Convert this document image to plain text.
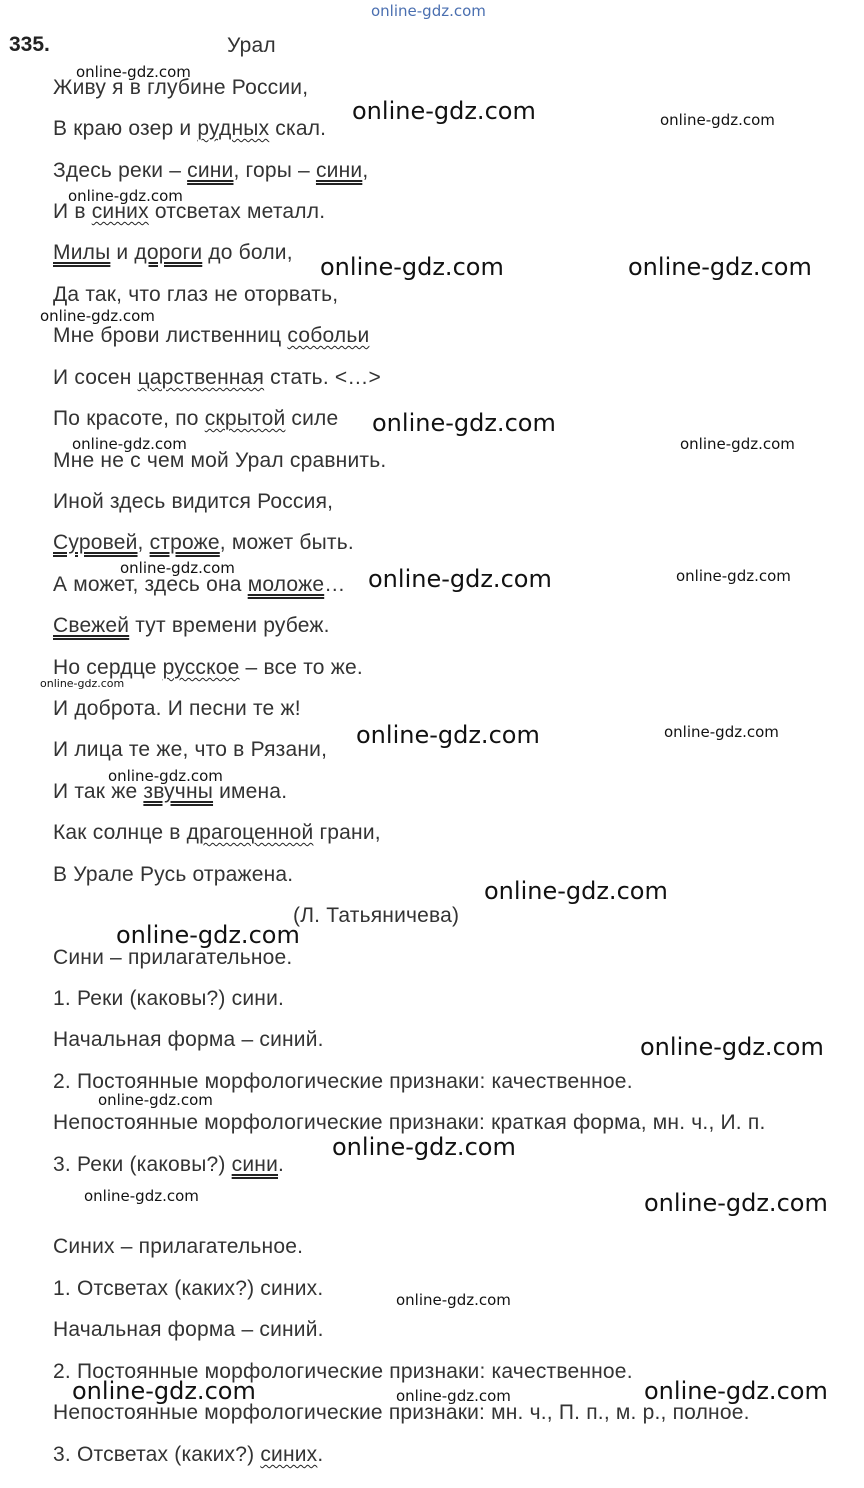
online-gdz.com
335.	Урал
Живу я в глубине России,
В краю озер и рудных скал.
Здесь реки – сини, горы – сини,
И в синих отсветах металл.
Милы и дороги до боли,
Да так, что глаз не оторвать,
Мне брови лиственниц собольи
И сосен царственная стать. <…>
По красоте, по скрытой силе
Мне не с чем мой Урал сравнить.
Иной здесь видится Россия,
Суровей, строже, может быть.
А может, здесь она моложе…
Свежей тут времени рубеж.
Но сердце русское – все то же.
И доброта. И песни те ж!
И лица те же, что в Рязани,
И так же звучны имена.
Как солнце в драгоценной грани,
В Урале Русь отражена.
(Л. Татьяничева)
Сини – прилагательное.
1. Реки (каковы?) сини.
Начальная форма – синий.
2. Постоянные морфологические признаки: качественное.
Непостоянные морфологические признаки: краткая форма, мн. ч., И. п.
3. Реки (каковы?) сини.
Синих – прилагательное.
1. Отсветах (каких?) синих.
Начальная форма – синий.
2. Постоянные морфологические признаки: качественное.
Непостоянные морфологические признаки: мн. ч., П. п., м. р., полное.
3. Отсветах (каких?) синих.
online-gdz.com
online-gdz.com	online-gdz.com
online-gdz.com
online-gdz.com	online-gdz.com
online-gdz.com
online-gdz.com
online-gdz.com	online-gdz.com
online-gdz.com	online-gdz.com	online-gdz.com
online-gdz.com
online-gdz.com	online-gdz.com
online-gdz.com
online-gdz.com
online-gdz.com
online-gdz.com
online-gdz.com
online-gdz.com
online-gdz.com	online-gdz.com
online-gdz.com
online-gdz.com	online-gdz.com	online-gdz.com
